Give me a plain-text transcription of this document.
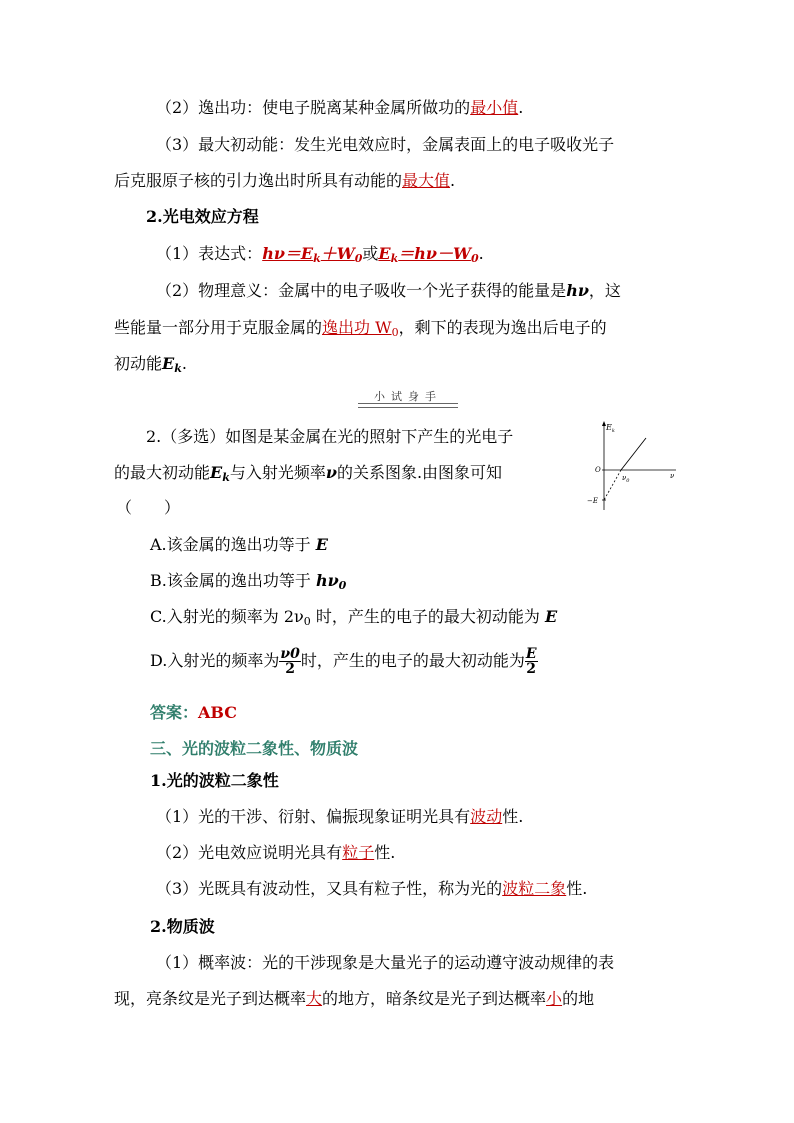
（2）逸出功：使电子脱离某种金属所做功的最小值.
（3）最大初动能：发生光电效应时，金属表面上的电子吸收光子
后克服原子核的引力逸出时所具有动能的最大值.
2.光电效应方程
（1）表达式：$h\nu=E_k+W_0$或$E_k=h\nu-W_0$.
（2）物理意义：金属中的电子吸收一个光子获得的能量是hν，这
些能量一部分用于克服金属的逸出功 $W_0$，剩下的表现为逸出后电子的
初动能$E_k$.
小试身手
2.（多选）如图是某金属在光的照射下产生的光电子
的最大初动能$E_k$与入射光频率ν的关系图象.由图象可知
（　　）
$E_k$
O
$\nu_0$
ν
−E
A.该金属的逸出功等于 E
B.该金属的逸出功等于 $h\nu_0$
C.入射光的频率为 $2\nu_0$ 时，产生的电子的最大初动能为 E
D.入射光的频率为 $\frac{\nu 0}{2}$ 时，产生的电子的最大初动能为 $\frac{E}{2}$
答案：ABC
三、光的波粒二象性、物质波
1.光的波粒二象性
（1）光的干涉、衍射、偏振现象证明光具有波动性.
（2）光电效应说明光具有粒子性.
（3）光既具有波动性，又具有粒子性，称为光的波粒二象性.
2.物质波
（1）概率波：光的干涉现象是大量光子的运动遵守波动规律的表
现，亮条纹是光子到达概率大的地方，暗条纹是光子到达概率小的地
